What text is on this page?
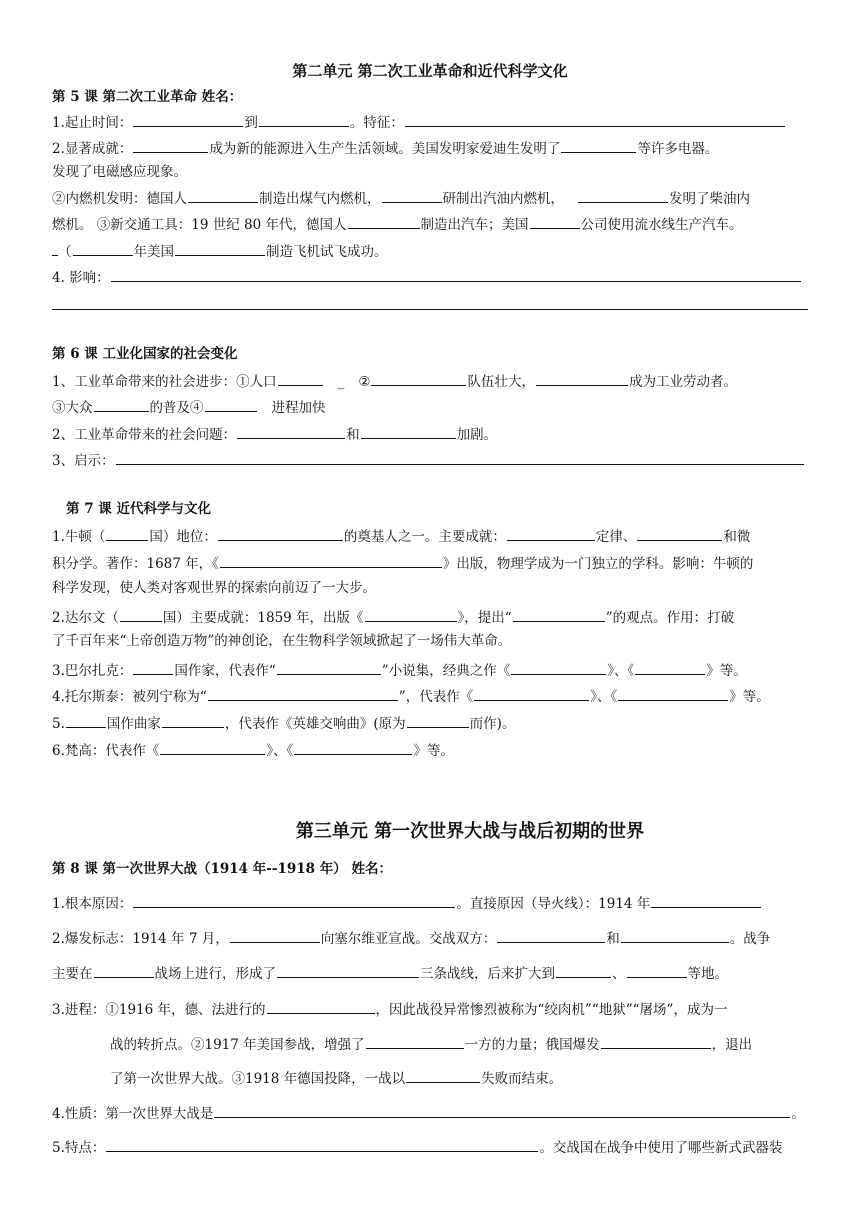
第二单元 第二次工业革命和近代科学文化
第 5 课 第二次工业革命 姓名：
1.起止时间：	到	。特征：
2.显著成就：	成为新的能源进入生产生活领域。美国发明家爱迪生发明了	等许多电器。
发现了电磁感应现象。
②内燃机发明：德国人	制造出煤气内燃机，	研制出汽油内燃机，	发明了柴油内
燃机。 ③新交通工具：19 世纪 80 年代，德国人	制造出汽车；美国	公司使用流水线生产汽车。
（	年美国	制造飞机试飞成功。
4. 影响：
第 6 课 工业化国家的社会变化
1、工业革命带来的社会进步：①人口	_ ②	队伍壮大，	成为工业劳动者。
③大众	的普及④	进程加快
2、工业革命带来的社会问题：	和	加剧。
3、启示：
第 7 课 近代科学与文化
1.牛顿（	国）地位：	的奠基人之一。主要成就：	定律、	和微
积分学。著作：1687 年，《	》出版，物理学成为一门独立的学科。影响：牛顿的
科学发现，使人类对客观世界的探索向前迈了一大步。
2.达尔文（	国）主要成就：1859 年，出版《	》，提出“	”的观点。作用：打破
了千百年来“上帝创造万物”的神创论，在生物科学领域掀起了一场伟大革命。
3.巴尔扎克：	国作家，代表作“	”小说集，经典之作《	》、《	》等。
4.托尔斯泰：被列宁称为“	”，代表作《	》、《	》等。
5.	国作曲家	，代表作《英雄交响曲》(原为	而作)。
6.梵高：代表作《	》、《	》等。
第三单元 第一次世界大战与战后初期的世界
第 8 课 第一次世界大战（1914 年--1918 年） 姓名：
1.根本原因：	。直接原因（导火线）：1914 年
2.爆发标志：1914 年 7 月，	向塞尔维亚宣战。交战双方：	和	。战争
主要在	战场上进行，形成了	三条战线，后来扩大到	、	等地。
3.进程：①1916 年，德、法进行的	，因此战役异常惨烈被称为“绞肉机”“地狱”“屠场”，成为一
战的转折点。②1917 年美国参战，增强了	一方的力量；俄国爆发	，退出
了第一次世界大战。③1918 年德国投降，一战以	失败而结束。
4.性质：第一次世界大战是	。
5.特点：	。交战国在战争中使用了哪些新式武器装
